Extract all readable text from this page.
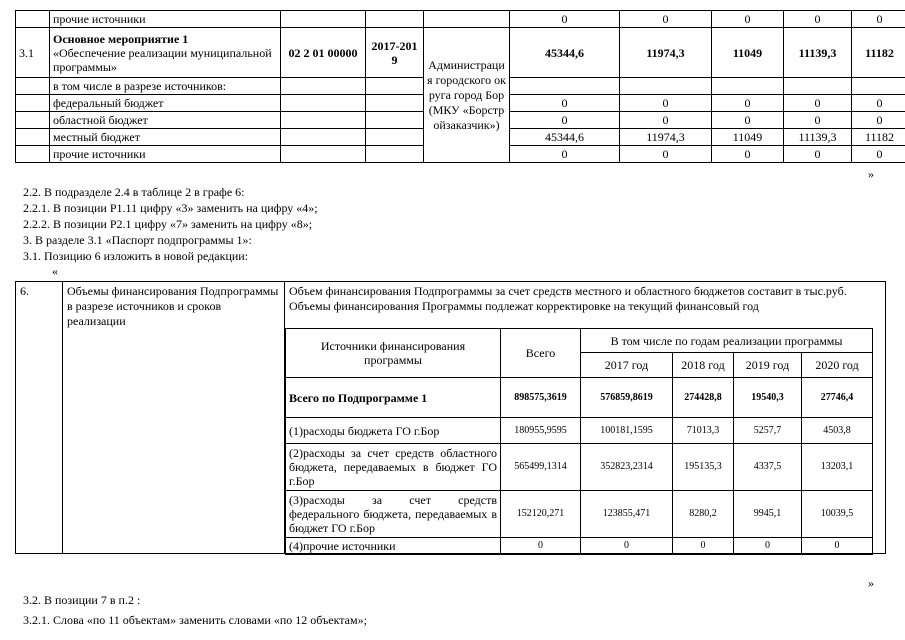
	прочие источники				0	0	0	0	0
3.1	Основное мероприятие 1
«Обеспечение реализации муниципальной программы»	02 2 01 00000	2017-2019	Администрация городского округа город Бор (МКУ «Борстройзаказчик»)	45344,6	11974,3	11049	11139,3	11182
	в том числе в разрезе источников:								
	федеральный бюджет				0	0	0	0	0
	областной бюджет				0	0	0	0	0
	местный бюджет				45344,6	11974,3	11049	11139,3	11182
	прочие источники				0	0	0	0	0
»
2.2. В подразделе 2.4 в таблице 2 в графе 6:
2.2.1. В позиции Р1.11 цифру «3» заменить на цифру «4»;
2.2.2. В позиции Р2.1 цифру «7» заменить на цифру «8»;
3. В разделе 3.1 «Паспорт подпрограммы 1»:
3.1. Позицию 6 изложить в новой редакции:
«
6.	Объемы финансирования Подпрограммы в разрезе источников и сроков реализации	
Объем финансирования Подпрограммы за счет средств местного и областного бюджетов составит в тыс.руб.
Объемы финансирования Программы подлежат корректировке на текущий финансовый год
Источники финансирования программы	Всего	В том числе по годам реализации программы
2017 год	2018 год	2019 год	2020 год
Всего по Подпрограмме 1	898575,3619	576859,8619	274428,8	19540,3	27746,4
(1)расходы бюджета ГО г.Бор	180955,9595	100181,1595	71013,3	5257,7	4503,8
(2)расходы за счет средств областного бюджета, передаваемых в бюджет ГО г.Бор	565499,1314	352823,2314	195135,3	4337,5	13203,1
(3)расходы за счет средств федерального бюджета, передаваемых в бюджет ГО г.Бор	152120,271	123855,471	8280,2	9945,1	10039,5
(4)прочие источники	0	0	0	0	0
»
3.2. В позиции 7 в п.2 :
3.2.1. Слова «по 11 объектам» заменить словами «по 12 объектам»;
